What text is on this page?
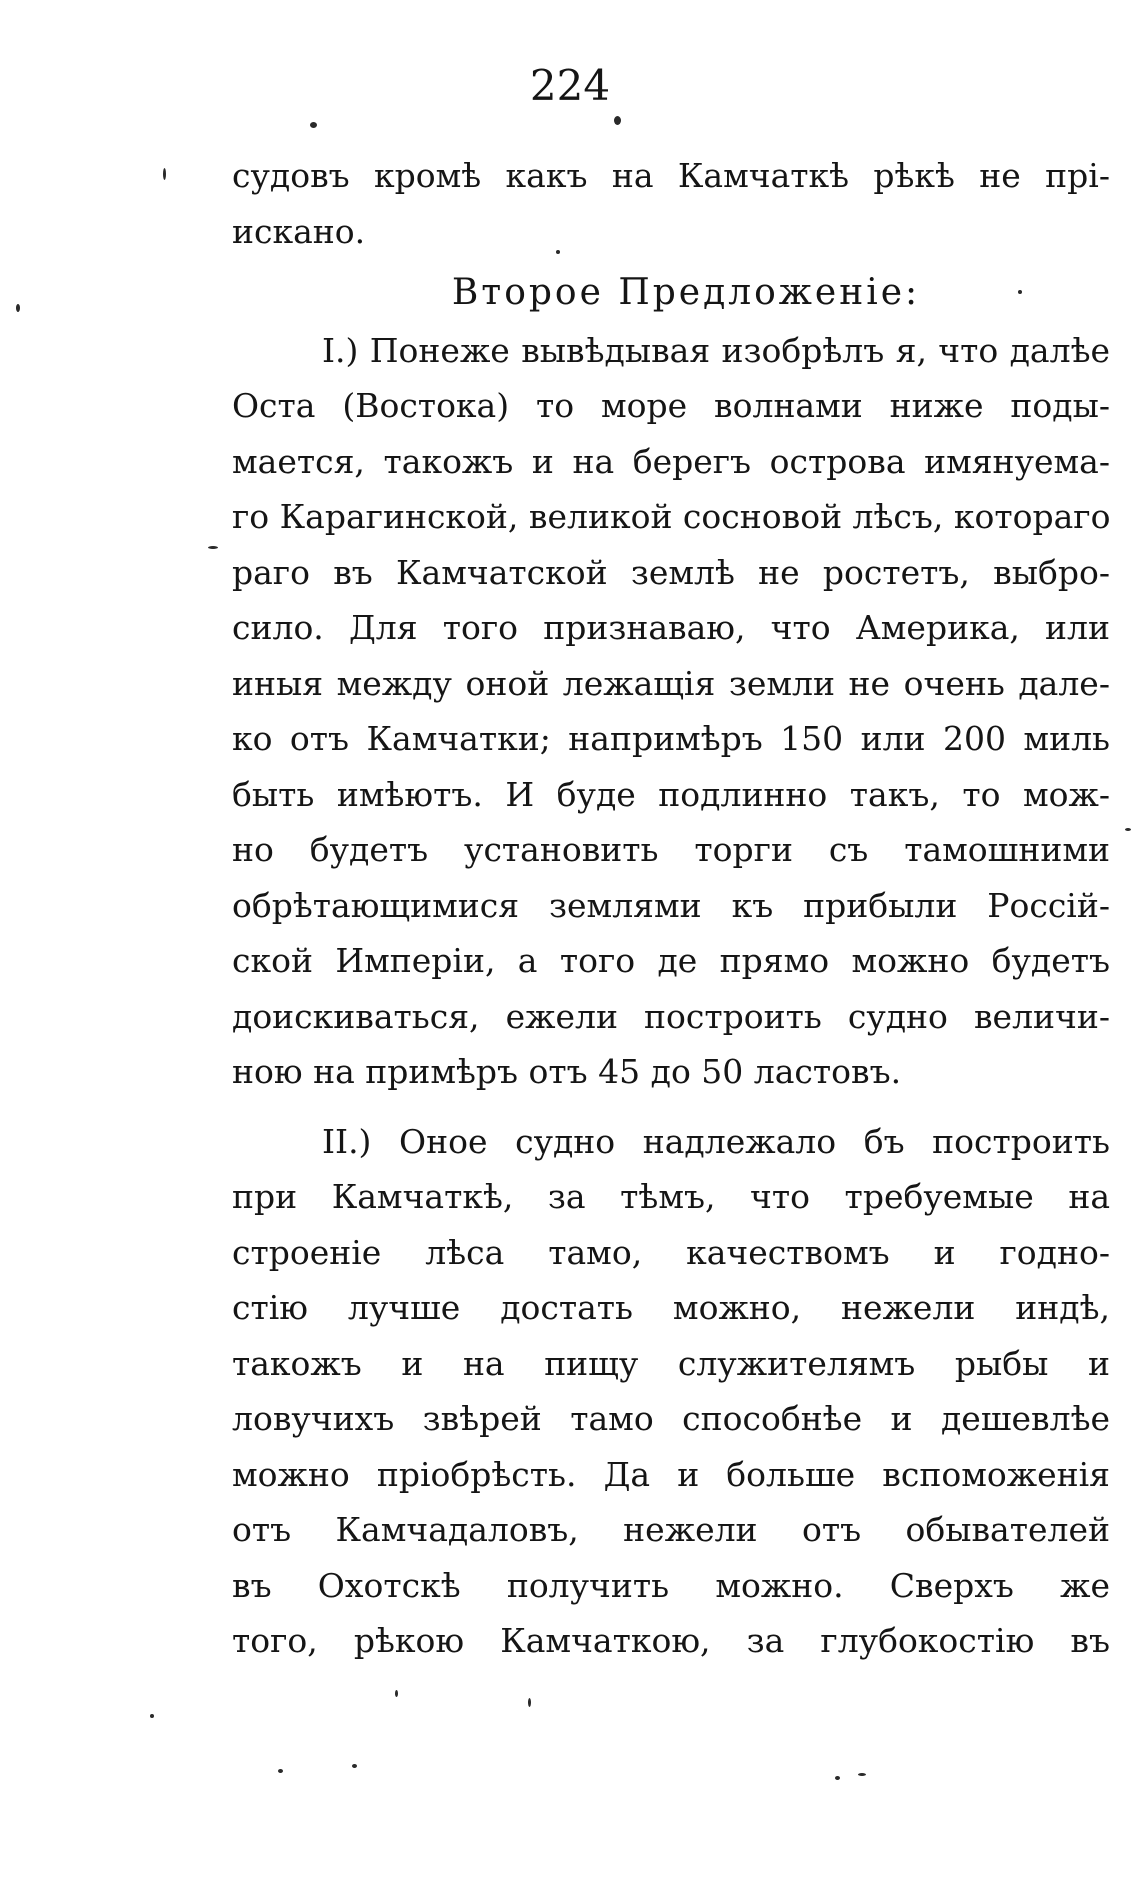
224
судовъ кромѣ какъ на Камчаткѣ рѣкѣ не прі-
искано.
Второе Предложеніе:
I.) Понеже вывѣдывая изобрѣлъ я, что далѣе
Оста (Востока) то море волнами ниже поды-
мается, такожъ и на берегъ острова имянуема-
го Карагинской, великой сосновой лѣсъ, котораго
раго въ Камчатской землѣ не ростетъ, выбро-
сило. Для того признаваю, что Америка, или
иныя между оной лежащія земли не очень дале-
ко отъ Камчатки; напримѣръ 150 или 200 миль
быть имѣютъ. И буде подлинно такъ, то мож-
но будетъ установить торги съ тамошними
обрѣтающимися землями къ прибыли Россій-
ской Имперіи, а того де прямо можно будетъ
доискиваться, ежели построить судно величи-
ною на примѣръ отъ 45 до 50 ластовъ.
II.) Оное судно надлежало бъ построить
при Камчаткѣ, за тѣмъ, что требуемые на
строеніе лѣса тамо, качествомъ и годно-
стію лучше достать можно, нежели индѣ,
такожъ и на пищу служителямъ рыбы и
ловучихъ звѣрей тамо способнѣе и дешевлѣе
можно пріобрѣсть. Да и больше вспоможенія
отъ Камчадаловъ, нежели отъ обывателей
въ Охотскѣ получить можно. Сверхъ же
того, рѣкою Камчаткою, за глубокостію въ
